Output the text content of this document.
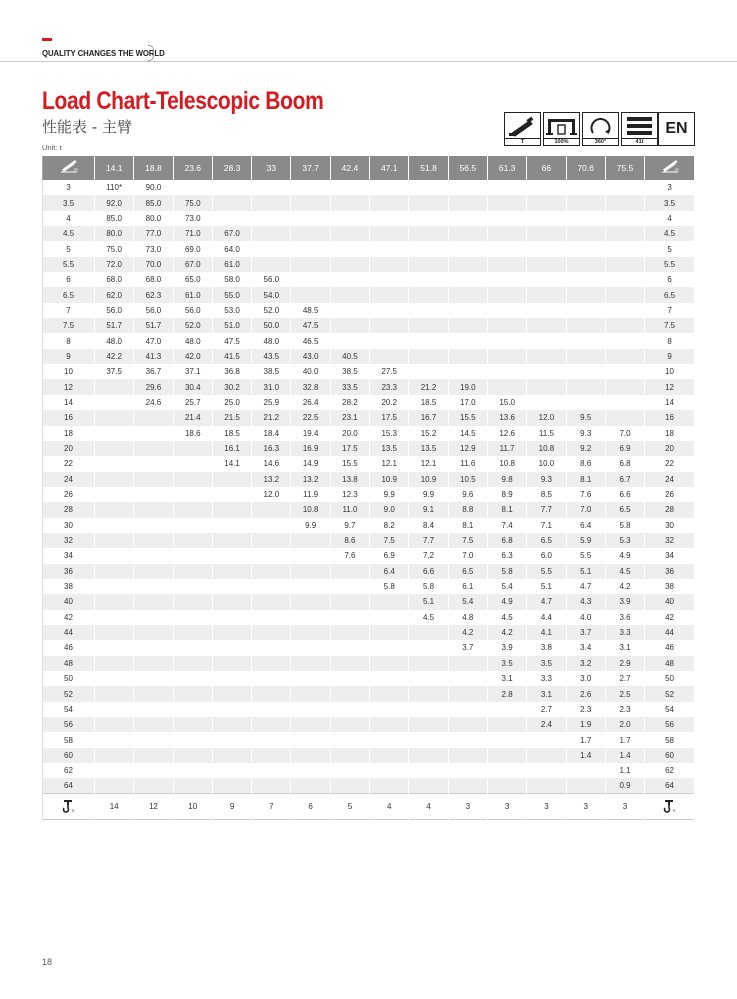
QUALITY CHANGES THE WORLD
Load Chart-Telescopic Boom
性能表 - 主臂
Unit: t
T	100%	360°	41t
EN
m	14.1	18.8	23.6	28.3	33	37.7	42.4	47.1	51.8	56.5	61.3	66	70.6	75.5	m

3	110*	90.0													3
3.5	92.0	85.0	75.0												3.5
4	85.0	80.0	73.0												4
4.5	80.0	77.0	71.0	67.0											4.5
5	75.0	73.0	69.0	64.0											5
5.5	72.0	70.0	67.0	61.0											5.5
6	68.0	68.0	65.0	58.0	56.0										6
6.5	62.0	62.3	61.0	55.0	54.0										6.5
7	56.0	56.0	56.0	53.0	52.0	48.5									7
7.5	51.7	51.7	52.0	51.0	50.0	47.5									7.5
8	48.0	47.0	48.0	47.5	48.0	46.5									8
9	42.2	41.3	42.0	41.5	43.5	43.0	40.5								9
10	37.5	36.7	37.1	36.8	38.5	40.0	38.5	27.5							10
12		29.6	30.4	30.2	31.0	32.8	33.5	23.3	21.2	19.0					12
14		24.6	25.7	25.0	25.9	26.4	28.2	20.2	18.5	17.0	15.0				14
16			21.4	21.5	21.2	22.5	23.1	17.5	16.7	15.5	13.6	12.0	9.5		16
18			18.6	18.5	18.4	19.4	20.0	15.3	15.2	14.5	12.6	11.5	9.3	7.0	18
20				16.1	16.3	16.9	17.5	13.5	13.5	12.9	11.7	10.8	9.2	6.9	20
22				14.1	14.6	14.9	15.5	12.1	12.1	11.6	10.8	10.0	8.6	6.8	22
24					13.2	13.2	13.8	10.9	10.9	10.5	9.8	9.3	8.1	6.7	24
26					12.0	11.9	12.3	9.9	9.9	9.6	8.9	8.5	7.6	6.6	26
28						10.8	11.0	9.0	9.1	8.8	8.1	7.7	7.0	6.5	28
30						9.9	9.7	8.2	8.4	8.1	7.4	7.1	6.4	5.8	30
32							8.6	7.5	7.7	7.5	6.8	6.5	5.9	5.3	32
34							7.6	6.9	7.2	7.0	6.3	6.0	5.5	4.9	34
36								6.4	6.6	6.5	5.8	5.5	5.1	4.5	36
38								5.8	5.8	6.1	5.4	5.1	4.7	4.2	38
40									5.1	5.4	4.9	4.7	4.3	3.9	40
42									4.5	4.8	4.5	4.4	4.0	3.6	42
44										4.2	4.2	4.1	3.7	3.3	44
46										3.7	3.9	3.8	3.4	3.1	46
48											3.5	3.5	3.2	2.9	48
50											3.1	3.3	3.0	2.7	50
52											2.8	3.1	2.6	2.5	52
54												2.7	2.3	2.3	54
56												2.4	1.9	2.0	56
58													1.7	1.7	58
60													1.4	1.4	60
62														1.1	62
64														0.9	64

n	14	12	10	9	7	6	5	4	4	3	3	3	3	3	n
18
